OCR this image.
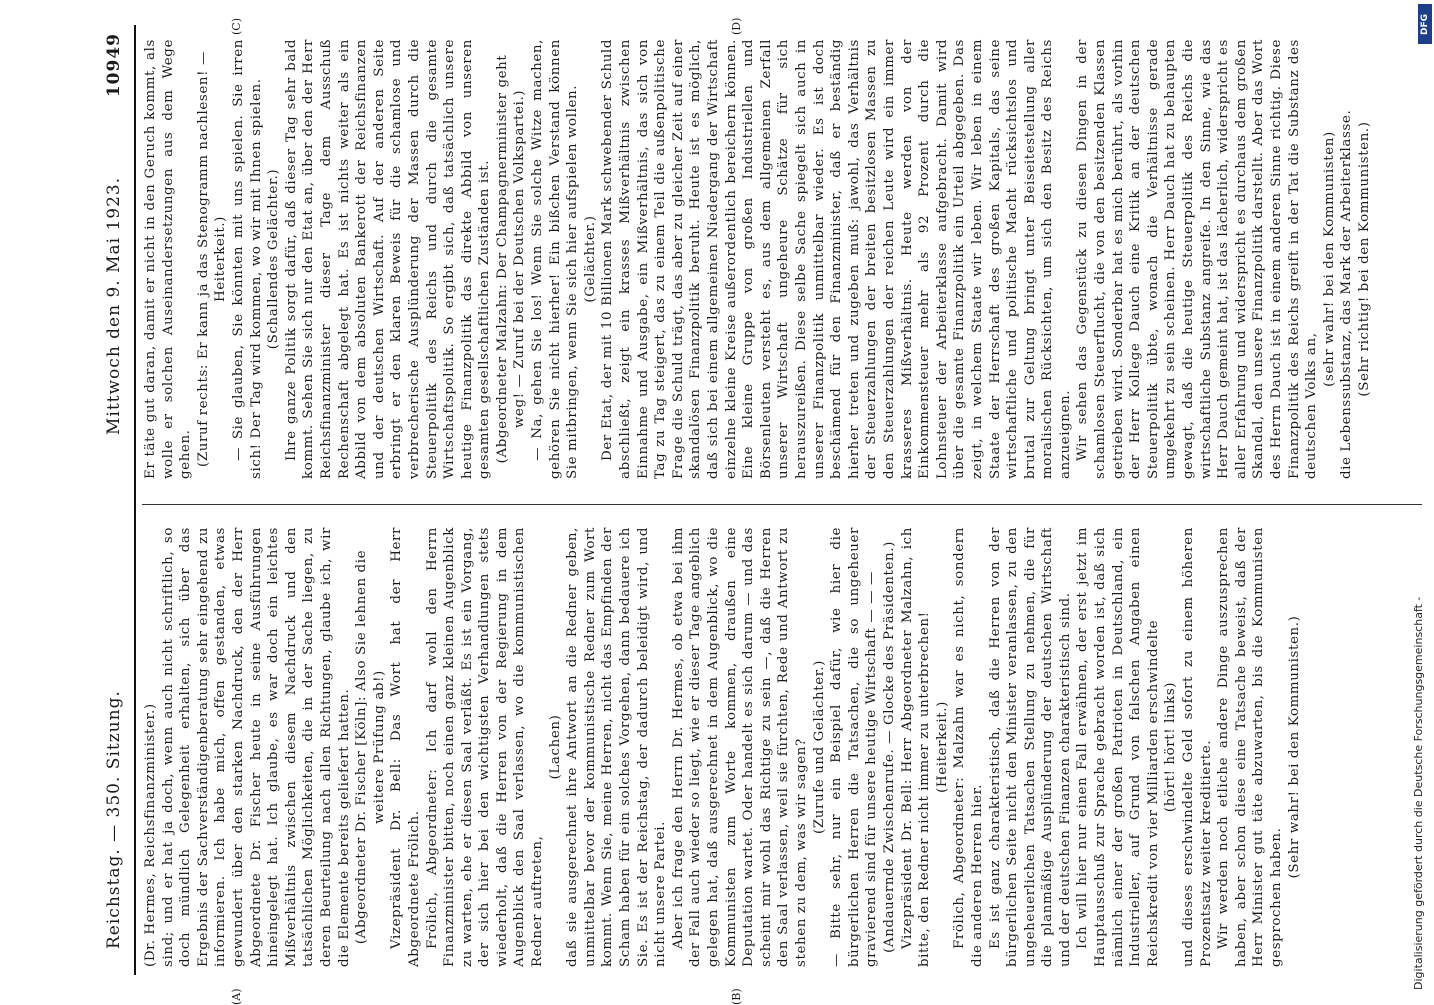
Reichstag. — 350. Sitzung.
Mittwoch den 9. Mai 1923.
10949
(A)	(B)
(C)	(D)

(Dr. Hermes, Reichsfinanzminister.) sind; und er hat ja doch, wenn auch nicht schriftlich, so doch mündlich Gelegenheit erhalten, sich über das Ergebnis der Sachverständigenberatung sehr eingehend zu informieren. Ich habe mich, offen gestanden, etwas gewundert über den starken Nachdruck, den der Herr Abgeordnete Dr. Fischer heute in seine Ausführungen hineingelegt hat. Ich glaube, es war doch ein leichtes Mißverhältnis zwischen diesem Nachdruck und den tatsächlichen Möglichkeiten, die in der Sache liegen, zu deren Beurteilung nach allen Richtungen, glaube ich, wir die Elemente bereits geliefert hatten. (Abgeordneter Dr. Fischer [Köln]: Also Sie lehnen die weitere Prüfung ab!) Vizepräsident Dr. Bell: Das Wort hat der Herr Abgeordnete Frölich. Frölich, Abgeordneter: Ich darf wohl den Herrn Finanzminister bitten, noch einen ganz kleinen Augenblick zu warten, ehe er diesen Saal verläßt. Es ist ein Vorgang, der sich hier bei den wichtigsten Verhandlungen stets wiederholt, daß die Herren von der Regierung in dem Augenblick den Saal verlassen, wo die kommunistischen Redner auftreten,

(Lachen) daß sie ausgerechnet ihre Antwort an die Redner geben, unmittelbar bevor der kommunistische Redner zum Wort kommt. Wenn Sie, meine Herren, nicht das Empfinden der Scham haben für ein solches Vorgehen, dann bedauere ich Sie. Es ist der Reichstag, der dadurch beleidigt wird, und nicht unsere Partei. Aber ich frage den Herrn Dr. Hermes, ob etwa bei ihm der Fall auch wieder so liegt, wie er dieser Tage angeblich gelegen hat, daß ausgerechnet in dem Augenblick, wo die Kommunisten zum Worte kommen, draußen eine Deputation wartet. Oder handelt es sich darum — und das scheint mir wohl das Richtige zu sein —, daß die Herren den Saal verlassen, weil sie fürchten, Rede und Antwort zu stehen zu dem, was wir sagen? (Zurufe und Gelächter.) — Bitte sehr, nur ein Beispiel dafür, wie hier die bürgerlichen Herren die Tatsachen, die so ungeheuer gravierend sind für unsere heutige Wirtschaft — — — (Andauernde Zwischenrufe. — Glocke des Präsidenten.) Vizepräsident Dr. Bell: Herr Abgeordneter Malzahn, ich bitte, den Redner nicht immer zu unterbrechen! (Heiterkeit.) Frölich, Abgeordneter: Malzahn war es nicht, sondern die anderen Herren hier. Es ist ganz charakteristisch, daß die Herren von der bürgerlichen Seite nicht den Minister veranlassen, zu den ungeheuerlichen Tatsachen Stellung zu nehmen, die für die planmäßige Ausplünderung der deutschen Wirtschaft und der deutschen Finanzen charakteristisch sind. Ich will hier nur einen Fall erwähnen, der erst jetzt im Hauptausschuß zur Sprache gebracht worden ist, daß sich nämlich einer der großen Patrioten in Deutschland, ein Industrieller, auf Grund von falschen Angaben einen Reichskredit von vier Milliarden erschwindelte (hört! hört! links) und dieses erschwindelte Geld sofort zu einem höheren Prozentsatz weiter kreditierte. Wir werden noch etliche andere Dinge auszusprechen haben, aber schon diese eine Tatsache beweist, daß der Herr Minister gut täte abzuwarten, bis die Kommunisten gesprochen haben.

(Sehr wahr! bei den Kommunisten.)

Er täte gut daran, damit er nicht in den Geruch kommt, als wolle er solchen Auseinandersetzungen aus dem Wege gehen. (Zuruf rechts: Er kann ja das Stenogramm nachlesen! — Heiterkeit.) — Sie glauben, Sie könnten mit uns spielen. Sie irren sich! Der Tag wird kommen, wo wir mit Ihnen spielen. (Schallendes Gelächter.) Ihre ganze Politik sorgt dafür, daß dieser Tag sehr bald kommt. Sehen Sie sich nur den Etat an, über den der Herr Reichsfinanzminister dieser Tage dem Ausschuß Rechenschaft abgelegt hat. Es ist nichts weiter als ein Abbild von dem absoluten Bankerott der Reichsfinanzen und der deutschen Wirtschaft. Auf der anderen Seite erbringt er den klaren Beweis für die schamlose und verbrecherische Ausplünderung der Massen durch die Steuerpolitik des Reichs und durch die gesamte Wirtschaftspolitik. So ergibt sich, daß tatsächlich unsere heutige Finanzpolitik das direkte Abbild von unseren gesamten gesellschaftlichen Zuständen ist. (Abgeordneter Malzahn: Der Champagnerminister geht weg! — Zuruf bei der Deutschen Volkspartei.) — Na, gehen Sie los! Wenn Sie solche Witze machen, gehören Sie nicht hierher! Ein bißchen Verstand können Sie mitbringen, wenn Sie sich hier aufspielen wollen. (Gelächter.) Der Etat, der mit 10 Billionen Mark schwebender Schuld abschließt, zeigt ein krasses Mißverhältnis zwischen Einnahme und Ausgabe, ein Mißverhältnis, das sich von Tag zu Tag steigert, das zu einem Teil die außenpolitische Frage die Schuld trägt, das aber zu gleicher Zeit auf einer skandalösen Finanzpolitik beruht. Heute ist es möglich, daß sich bei einem allgemeinen Niedergang der Wirtschaft einzelne kleine Kreise außerordentlich bereichern können. Eine kleine Gruppe von großen Industriellen und Börsenleuten versteht es, aus dem allgemeinen Zerfall unserer Wirtschaft ungeheure Schätze für sich herauszureißen. Diese selbe Sache spiegelt sich auch in unserer Finanzpolitik unmittelbar wieder. Es ist doch beschämend für den Finanzminister, daß er beständig hierher treten und zugeben muß: jawohl, das Verhältnis der Steuerzahlungen der breiten besitzlosen Massen zu den Steuerzahlungen der reichen Leute wird ein immer krasseres Mißverhältnis. Heute werden von der Einkommensteuer mehr als 92 Prozent durch die Lohnsteuer der Arbeiterklasse aufgebracht. Damit wird über die gesamte Finanzpolitik ein Urteil abgegeben. Das zeigt, in welchem Staate wir leben. Wir leben in einem Staate der Herrschaft des großen Kapitals, das seine wirtschaftliche und politische Macht rücksichtslos und brutal zur Geltung bringt unter Beiseitestellung aller moralischen Rücksichten, um sich den Besitz des Reichs anzueignen. Wir sehen das Gegenstück zu diesen Dingen in der schamlosen Steuerflucht, die von den besitzenden Klassen getrieben wird. Sonderbar hat es mich berührt, als vorhin der Herr Kollege Dauch eine Kritik an der deutschen Steuerpolitik übte, wonach die Verhältnisse gerade umgekehrt zu sein scheinen. Herr Dauch hat zu behaupten gewagt, daß die heutige Steuerpolitik des Reichs die wirtschaftliche Substanz angreife. In den Sinne, wie das Herr Dauch gemeint hat, ist das lächerlich, widerspricht es aller Erfahrung und widerspricht es durchaus dem großen Skandal, den unsere Finanzpolitik darstellt. Aber das Wort des Herrn Dauch ist in einem anderen Sinne richtig. Diese Finanzpolitik des Reichs greift in der Tat die Substanz des deutschen Volks an,

(sehr wahr! bei den Kommunisten) die Lebenssubstanz, das Mark der Arbeiterklasse. (Sehr richtig! bei den Kommunisten.)

DFG
Digitalisierung gefördert durch die Deutsche Forschungsgemeinschaft -
